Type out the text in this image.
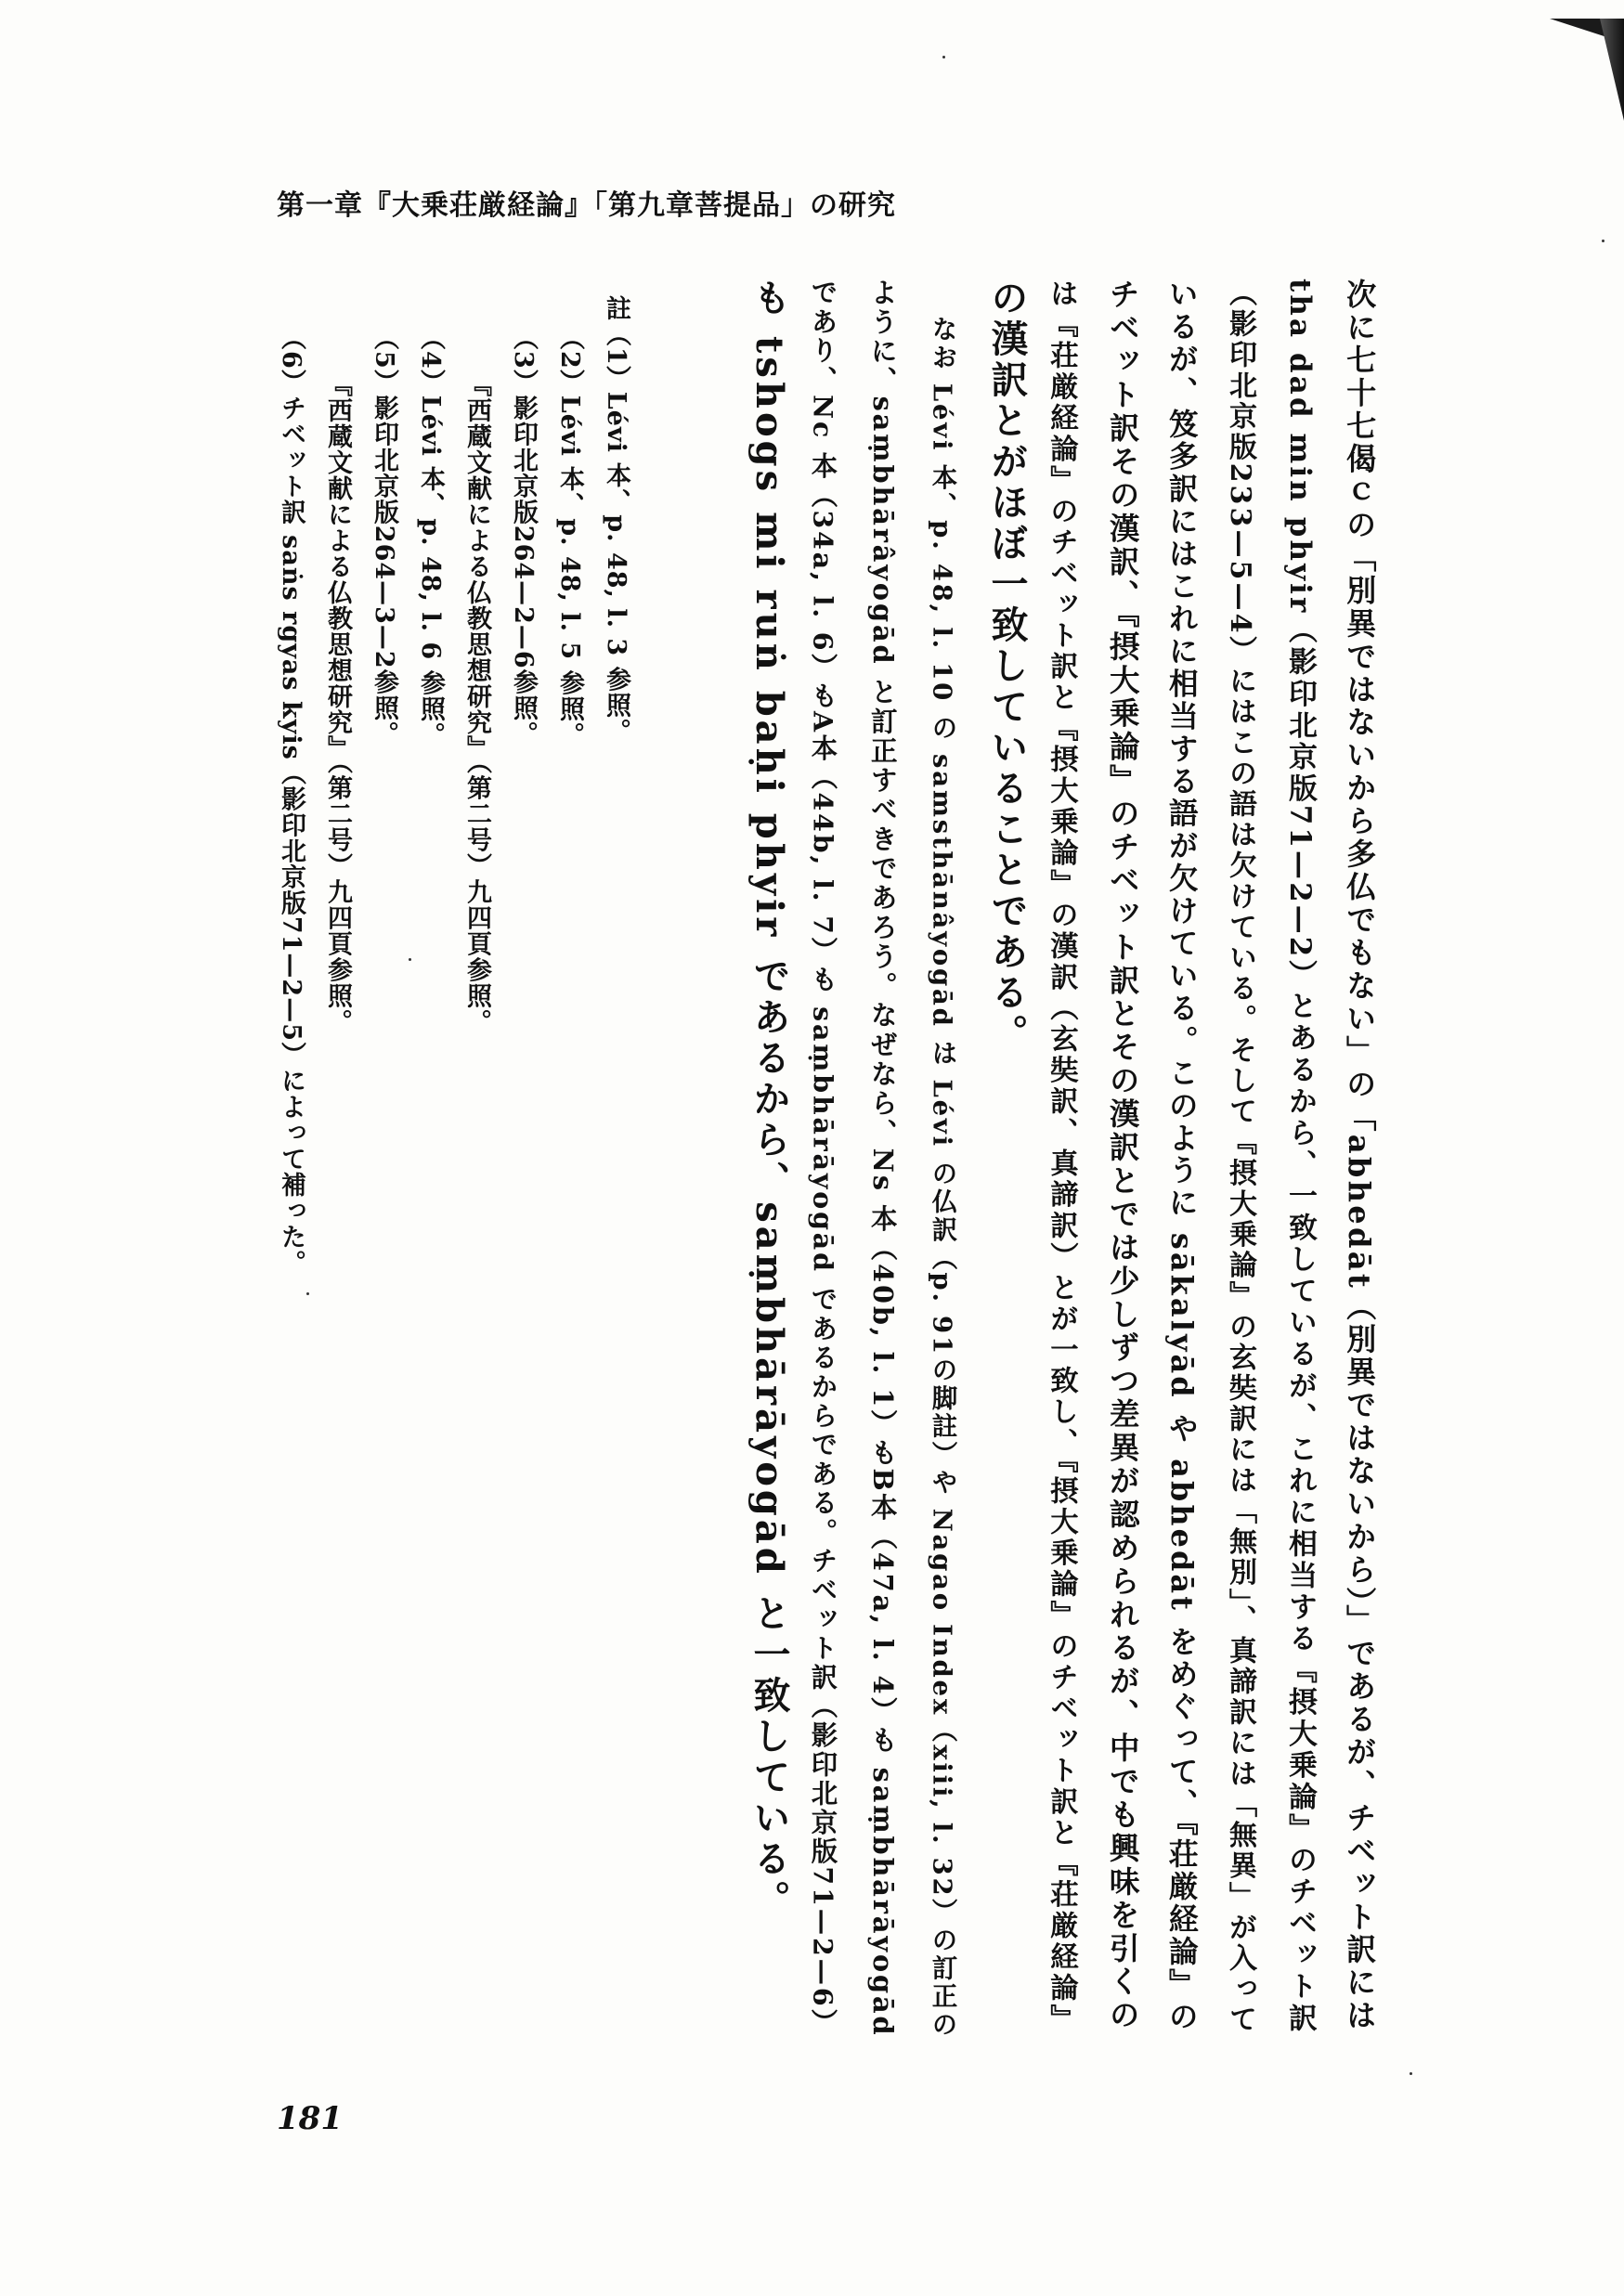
第一章『大乗荘厳経論』「第九章菩提品」の研究
次に七十七偈ｃの「別異ではないから多仏でもない」の「abhedāt（別異ではないから）」であるが、チベット訳には
tha dad min phyir（影印北京版71—2—2）とあるから、一致しているが、これに相当する『摂大乗論』のチベット訳
（影印北京版233—5—4）にはこの語は欠けている。そして『摂大乗論』の玄奘訳には「無別」、真諦訳には「無異」が入って
いるが、笈多訳にはこれに相当する語が欠けている。このように sākalyād や abhedāt をめぐって、『荘厳経論』の
チベット訳その漢訳、『摂大乗論』のチベット訳とその漢訳とでは少しずつ差異が認められるが、中でも興味を引くの
は『荘厳経論』のチベット訳と『摂大乗論』の漢訳（玄奘訳、真諦訳）とが一致し、『摂大乗論』のチベット訳と『荘厳経論』
の漢訳とがほぼ一致していることである。
なお Lévi 本、p. 48, l. 10 の samsthānâyogād は Lévi の仏訳（p. 91の脚註）や Nagao Index（xiii, l. 32）の訂正の
ように、saṃbhārâyogād と訂正すべきであろう。なぜなら、Ns 本（40b, l. 1）もB本（47a, l. 4）も saṃbhārāyogād
であり、Nc 本（34a, l. 6）もA本（44b, l. 7）も saṃbhārāyogād であるからである。チベット訳（影印北京版71—2—6）
も tshogs mi ruṅ baḥi phyir であるから、saṃbhārāyogād と一致している。
註（1）Lévi 本、p. 48, l. 3 参照。
（2）Lévi 本、p. 48, l. 5 参照。
（3）影印北京版264—2—6参照。
『西蔵文献による仏教思想研究』（第二号）九四頁参照。
（4）Lévi 本、p. 48, l. 6 参照。
（5）影印北京版264—3—2参照。
『西蔵文献による仏教思想研究』（第二号）九四頁参照。
（6）チベット訳 saṅs rgyas kyis（影印北京版71—2—5）によって補った。
181
